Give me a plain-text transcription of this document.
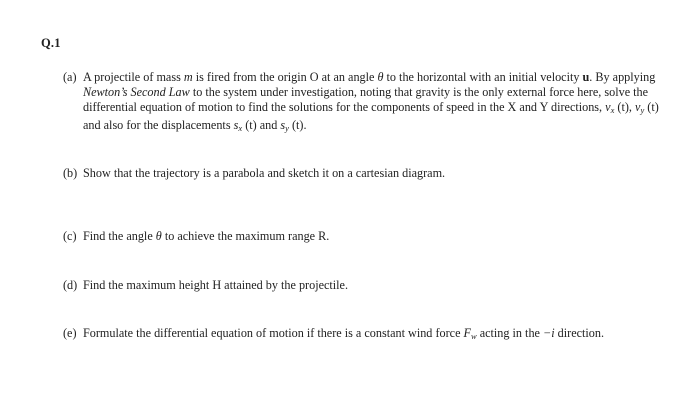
Q.1
(a) A projectile of mass m is fired from the origin O at an angle θ to the horizontal with an initial velocity u. By applying Newton’s Second Law to the system under investigation, noting that gravity is the only external force here, solve the differential equation of motion to find the solutions for the components of speed in the X and Y directions, $v_x$ (t), $v_y$ (t) and also for the displacements $s_x$ (t) and $s_y$ (t).
(b) Show that the trajectory is a parabola and sketch it on a cartesian diagram.
(c) Find the angle θ to achieve the maximum range R.
(d) Find the maximum height H attained by the projectile.
(e) Formulate the differential equation of motion if there is a constant wind force $F_w$ acting in the −i direction.
